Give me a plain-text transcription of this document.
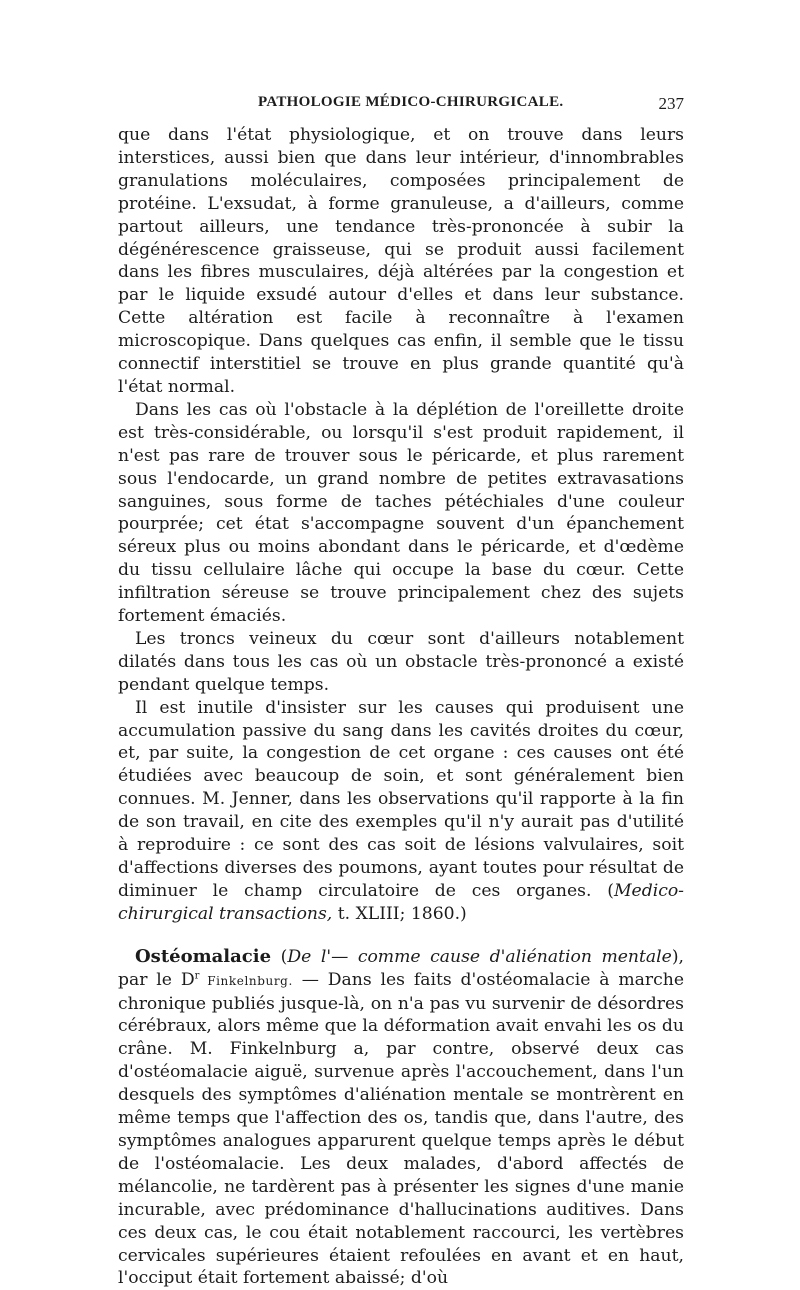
PATHOLOGIE MÉDICO-CHIRURGICALE.	237

que dans l'état physiologique, et on trouve dans leurs interstices, aussi bien que dans leur intérieur, d'innombrables granulations moléculaires, composées principalement de protéine. L'exsudat, à forme granuleuse, a d'ailleurs, comme partout ailleurs, une tendance très-prononcée à subir la dégénérescence graisseuse, qui se produit aussi facilement dans les fibres musculaires, déjà altérées par la congestion et par le liquide exsudé autour d'elles et dans leur substance. Cette altération est facile à reconnaître à l'examen microscopique. Dans quelques cas enfin, il semble que le tissu connectif interstitiel se trouve en plus grande quantité qu'à l'état normal.

Dans les cas où l'obstacle à la déplétion de l'oreillette droite est très-considérable, ou lorsqu'il s'est produit rapidement, il n'est pas rare de trouver sous le péricarde, et plus rarement sous l'endocarde, un grand nombre de petites extravasations sanguines, sous forme de taches pétéchiales d'une couleur pourprée; cet état s'accompagne souvent d'un épanchement séreux plus ou moins abondant dans le péricarde, et d'œdème du tissu cellulaire lâche qui occupe la base du cœur. Cette infiltration séreuse se trouve principalement chez des sujets fortement émaciés.

Les troncs veineux du cœur sont d'ailleurs notablement dilatés dans tous les cas où un obstacle très-prononcé a existé pendant quelque temps.

Il est inutile d'insister sur les causes qui produisent une accumulation passive du sang dans les cavités droites du cœur, et, par suite, la congestion de cet organe : ces causes ont été étudiées avec beaucoup de soin, et sont généralement bien connues. M. Jenner, dans les observations qu'il rapporte à la fin de son travail, en cite des exemples qu'il n'y aurait pas d'utilité à reproduire : ce sont des cas soit de lésions valvulaires, soit d'affections diverses des poumons, ayant toutes pour résultat de diminuer le champ circulatoire de ces organes. (Medico-chirurgical transactions, t. XLIII; 1860.)

Ostéomalacie (De l'— comme cause d'aliénation mentale), par le $D^r$ Finkelnburg. — Dans les faits d'ostéomalacie à marche chronique publiés jusque-là, on n'a pas vu survenir de désordres cérébraux, alors même que la déformation avait envahi les os du crâne. M. Finkelnburg a, par contre, observé deux cas d'ostéomalacie aiguë, survenue après l'accouchement, dans l'un desquels des symptômes d'aliénation mentale se montrèrent en même temps que l'affection des os, tandis que, dans l'autre, des symptômes analogues apparurent quelque temps après le début de l'ostéomalacie. Les deux malades, d'abord affectés de mélancolie, ne tardèrent pas à présenter les signes d'une manie incurable, avec prédominance d'hallucinations auditives. Dans ces deux cas, le cou était notablement raccourci, les vertèbres cervicales supérieures étaient refoulées en avant et en haut, l'occiput était fortement abaissé; d'où
